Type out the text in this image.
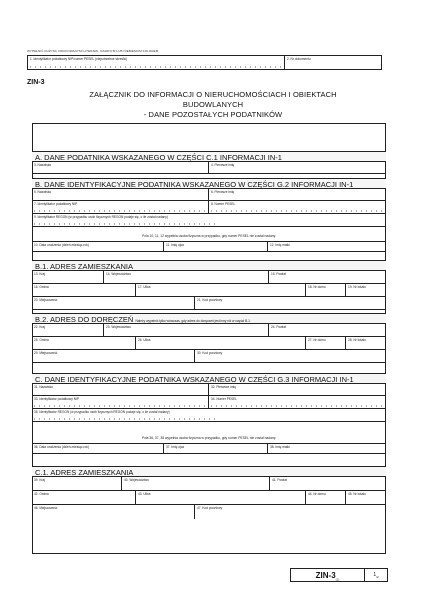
WYPEŁNIĆ DUŻYMI, DRUKOWANYMI LITERAMI, CZARNYM LUB NIEBIESKIM KOLOREM
1. Identyfikator podatkowy NIP/numer PESEL (niepotrzebne skreślić)	2. Nr dokumentu
ZIN-3
ZAŁĄCZNIK DO INFORMACJI O NIERUCHOMOŚCIACH I OBIEKTACH BUDOWLANYCH
- DANE POZOSTAŁYCH PODATNIKÓW
A. DANE PODATNIKA WSKAZANEGO W CZĘŚCI C.1 INFORMACJI IN-1
3. Nazwisko	4. Pierwsze imię
B. DANE IDENTYFIKACYJNE PODATNIKA WSKAZANEGO W CZĘŚCI G.2 INFORMACJI IN-1
5. Nazwisko	6. Pierwsze imię
7. Identyfikator podatkowy NIP	8. Numer PESEL
9. Identyfikator REGON (w przypadku osób fizycznych REGON podaje się, o ile został nadany)
Pola 10, 11, 12 wypełnia osoba fizyczna w przypadku, gdy numer PESEL nie został nadany.
10. Data urodzenia (dzień-miesiąc-rok)	11. Imię ojca	12. Imię matki
B.1. ADRES ZAMIESZKANIA
13. Kraj	14. Województwo	15. Powiat
16. Gmina	17. Ulica	18. Nr domu	19. Nr lokalu
20. Miejscowość	21. Kod pocztowy
B.2. ADRES DO DORĘCZEŃ Należy wypełnić tylko wówczas, gdy adres do doręczeń jest inny niż w części B.1.
22. Kraj	23. Województwo	24. Powiat
25. Gmina	26. Ulica	27. Nr domu	28. Nr lokalu
29. Miejscowość	30. Kod pocztowy
C. DANE IDENTYFIKACYJNE PODATNIKA WSKAZANEGO W CZĘŚCI G.3 INFORMACJI IN-1
31. Nazwisko	32. Pierwsze imię
33. Identyfikator podatkowy NIP	34. Numer PESEL
35. Identyfikator REGON (w przypadku osób fizycznych REGON podaje się, o ile został nadany)
Pola 36, 37, 38 wypełnia osoba fizyczna w przypadku, gdy numer PESEL nie został nadany.
36. Data urodzenia (dzień-miesiąc-rok)	37. Imię ojca	38. Imię matki
C.1. ADRES ZAMIESZKANIA
39. Kraj	40. Województwo	41. Powiat
42. Gmina	43. Ulica	44. Nr domu	45. Nr lokalu
46. Miejscowość	47. Kod pocztowy
ZIN-$3_{(1)}$
$1_{/2}$
